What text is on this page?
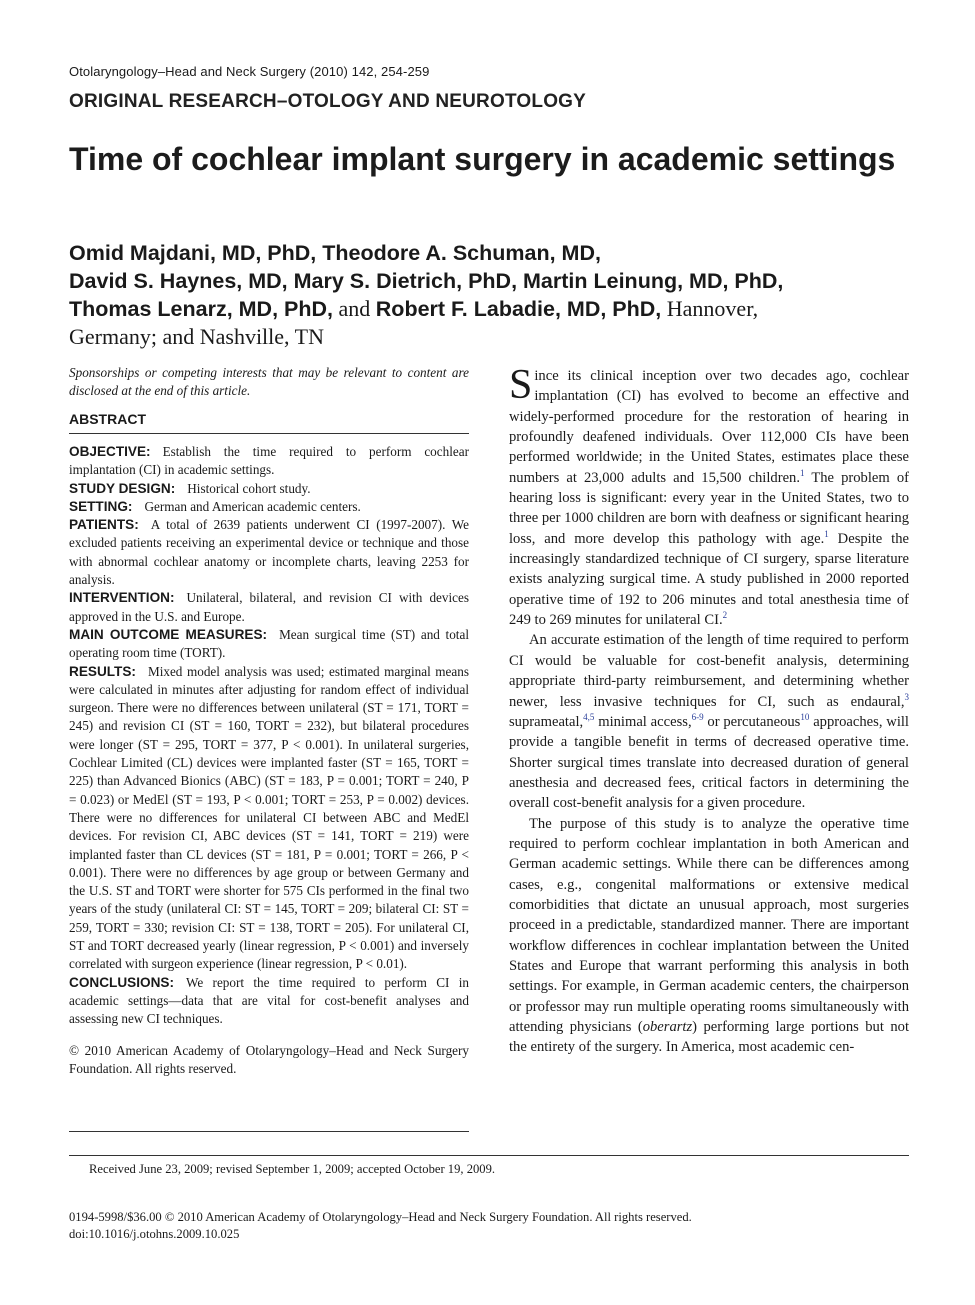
Otolaryngology–Head and Neck Surgery (2010) 142, 254-259
ORIGINAL RESEARCH–OTOLOGY AND NEUROTOLOGY
Time of cochlear implant surgery in academic settings
Omid Majdani, MD, PhD, Theodore A. Schuman, MD,
David S. Haynes, MD, Mary S. Dietrich, PhD, Martin Leinung, MD, PhD,
Thomas Lenarz, MD, PhD, and Robert F. Labadie, MD, PhD, Hannover,
Germany; and Nashville, TN

Sponsorships or competing interests that may be relevant to content are disclosed at the end of this article.

ABSTRACT

OBJECTIVE: Establish the time required to perform cochlear implantation (CI) in academic settings.

STUDY DESIGN: Historical cohort study.

SETTING: German and American academic centers.

PATIENTS: A total of 2639 patients underwent CI (1997-2007). We excluded patients receiving an experimental device or technique and those with abnormal cochlear anatomy or incomplete charts, leaving 2253 for analysis.

INTERVENTION: Unilateral, bilateral, and revision CI with devices approved in the U.S. and Europe.

MAIN OUTCOME MEASURES: Mean surgical time (ST) and total operating room time (TORT).

RESULTS: Mixed model analysis was used; estimated marginal means were calculated in minutes after adjusting for random effect of individual surgeon. There were no differences between unilateral (ST = 171, TORT = 245) and revision CI (ST = 160, TORT = 232), but bilateral procedures were longer (ST = 295, TORT = 377, P < 0.001). In unilateral surgeries, Cochlear Limited (CL) devices were implanted faster (ST = 165, TORT = 225) than Advanced Bionics (ABC) (ST = 183, P = 0.001; TORT = 240, P = 0.023) or MedEl (ST = 193, P < 0.001; TORT = 253, P = 0.002) devices. There were no differences for unilateral CI between ABC and MedEl devices. For revision CI, ABC devices (ST = 141, TORT = 219) were implanted faster than CL devices (ST = 181, P = 0.001; TORT = 266, P < 0.001). There were no differences by age group or between Germany and the U.S. ST and TORT were shorter for 575 CIs performed in the final two years of the study (unilateral CI: ST = 145, TORT = 209; bilateral CI: ST = 259, TORT = 330; revision CI: ST = 138, TORT = 205). For unilateral CI, ST and TORT decreased yearly (linear regression, P < 0.001) and inversely correlated with surgeon experience (linear regression, P < 0.01).

CONCLUSIONS: We report the time required to perform CI in academic settings—data that are vital for cost-benefit analyses and assessing new CI techniques.

© 2010 American Academy of Otolaryngology–Head and Neck Surgery Foundation. All rights reserved.

Since its clinical inception over two decades ago, cochlear implantation (CI) has evolved to become an effective and widely-performed procedure for the restoration of hearing in profoundly deafened individuals. Over 112,000 CIs have been performed worldwide; in the United States, estimates place these numbers at 23,000 adults and 15,500 children.$^1$ The problem of hearing loss is significant: every year in the United States, two to three per 1000 children are born with deafness or significant hearing loss, and more develop this pathology with age.$^1$ Despite the increasingly standardized technique of CI surgery, sparse literature exists analyzing surgical time. A study published in 2000 reported operative time of 192 to 206 minutes and total anesthesia time of 249 to 269 minutes for unilateral CI.$^2$

An accurate estimation of the length of time required to perform CI would be valuable for cost-benefit analysis, determining appropriate third-party reimbursement, and determining whether newer, less invasive techniques for CI, such as endaural,$^3$ suprameatal,$^{4,5}$ minimal access,$^{6-9}$ or percutaneous$^{10}$ approaches, will provide a tangible benefit in terms of decreased operative time. Shorter surgical times translate into decreased duration of general anesthesia and decreased fees, critical factors in determining the overall cost-benefit analysis for a given procedure.

The purpose of this study is to analyze the operative time required to perform cochlear implantation in both American and German academic settings. While there can be differences among cases, e.g., congenital malformations or extensive medical comorbidities that dictate an unusual approach, most surgeries proceed in a predictable, standardized manner. There are important workflow differences in cochlear implantation between the United States and Europe that warrant performing this analysis in both settings. For example, in German academic centers, the chairperson or professor may run multiple operating rooms simultaneously with attending physicians (oberartz) performing large portions but not the entirety of the surgery. In America, most academic cen-

Received June 23, 2009; revised September 1, 2009; accepted October 19, 2009.
0194-5998/$36.00 © 2010 American Academy of Otolaryngology–Head and Neck Surgery Foundation. All rights reserved.
doi:10.1016/j.otohns.2009.10.025
